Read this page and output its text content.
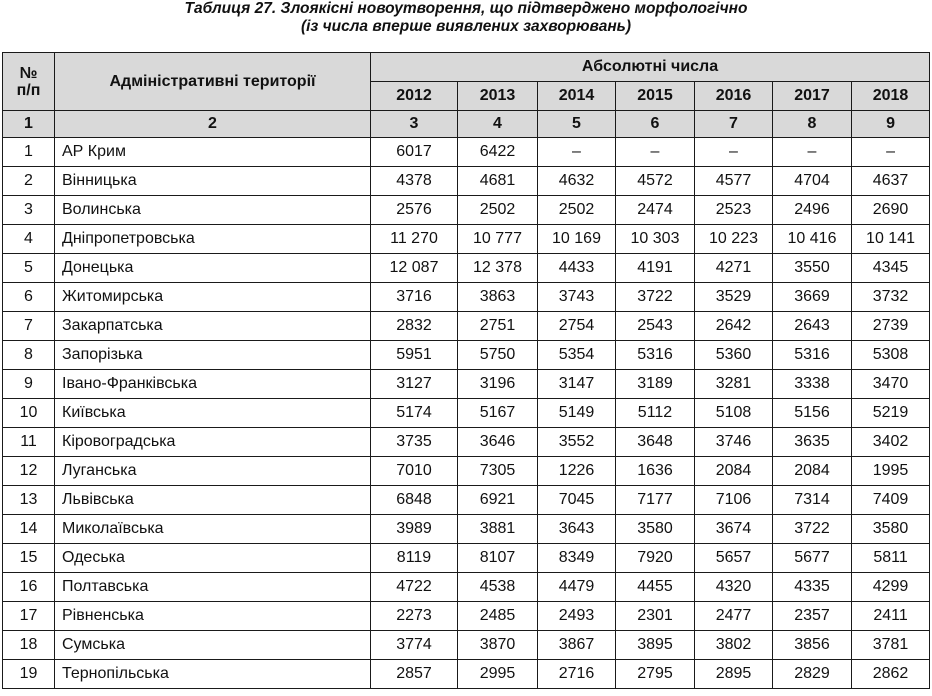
Таблиця 27. Злоякісні новоутворення, що підтверджено морфологічно
(із числа вперше виявлених захворювань)
№
п/п	Адміністративні території	Абсолютні числа						
		2012	2013	2014	2015	2016	2017	2018
1	2	3	4	5	6	7	8	9
1	АР Крим	6017	6422	–	–	–	–	–
2	Вінницька	4378	4681	4632	4572	4577	4704	4637
3	Волинська	2576	2502	2502	2474	2523	2496	2690
4	Дніпропетровська	11 270	10 777	10 169	10 303	10 223	10 416	10 141
5	Донецька	12 087	12 378	4433	4191	4271	3550	4345
6	Житомирська	3716	3863	3743	3722	3529	3669	3732
7	Закарпатська	2832	2751	2754	2543	2642	2643	2739
8	Запорізька	5951	5750	5354	5316	5360	5316	5308
9	Івано-Франківська	3127	3196	3147	3189	3281	3338	3470
10	Київська	5174	5167	5149	5112	5108	5156	5219
11	Кіровоградська	3735	3646	3552	3648	3746	3635	3402
12	Луганська	7010	7305	1226	1636	2084	2084	1995
13	Львівська	6848	6921	7045	7177	7106	7314	7409
14	Миколаївська	3989	3881	3643	3580	3674	3722	3580
15	Одеська	8119	8107	8349	7920	5657	5677	5811
16	Полтавська	4722	4538	4479	4455	4320	4335	4299
17	Рівненська	2273	2485	2493	2301	2477	2357	2411
18	Сумська	3774	3870	3867	3895	3802	3856	3781
19	Тернопільська	2857	2995	2716	2795	2895	2829	2862
